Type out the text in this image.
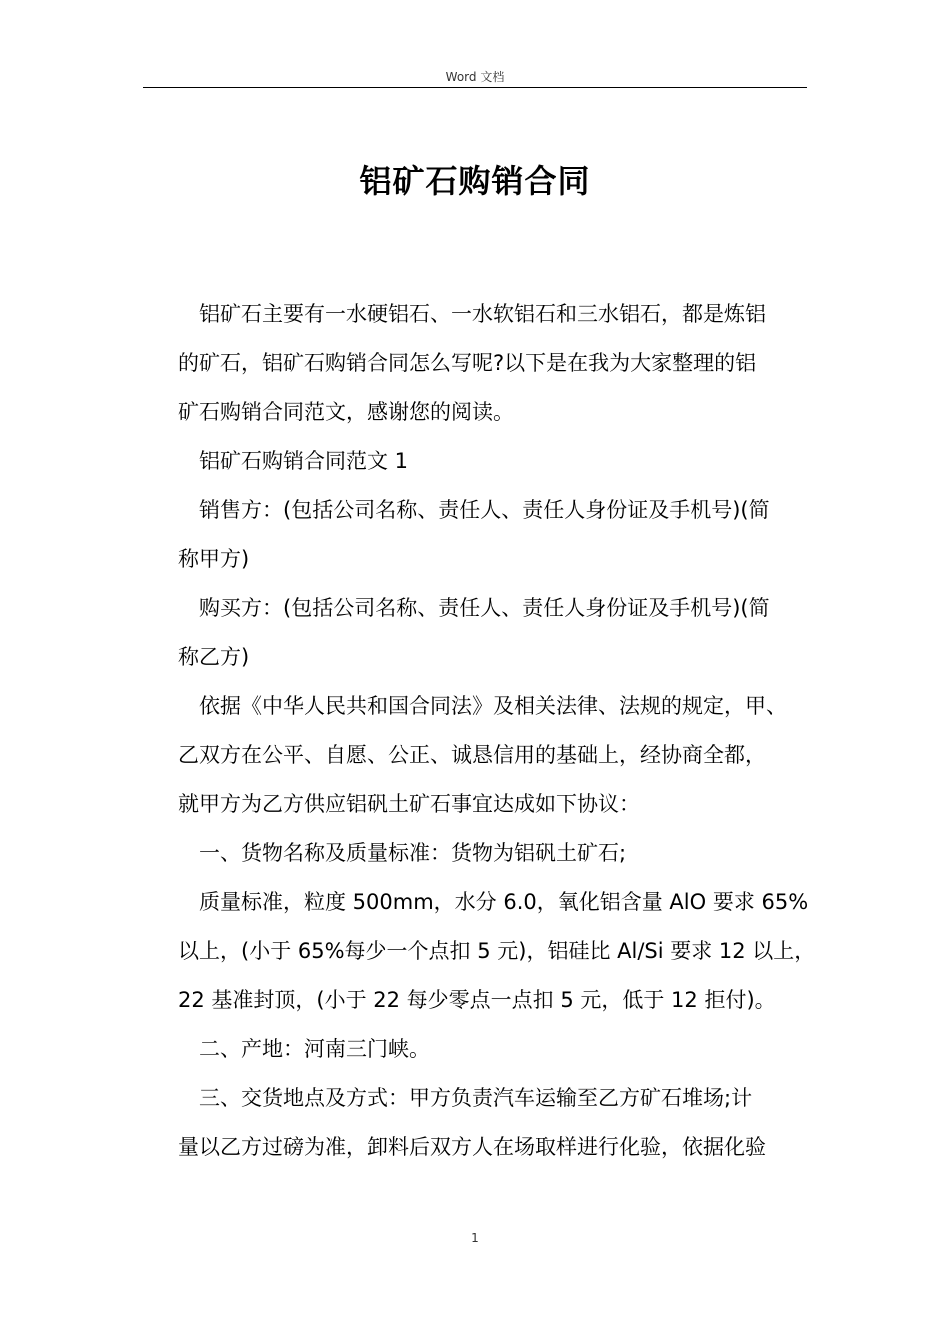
Word 文档
铝矿石购销合同

铝矿石主要有一水硬铝石、一水软铝石和三水铝石，都是炼铝
的矿石，铝矿石购销合同怎么写呢?以下是在我为大家整理的铝
矿石购销合同范文，感谢您的阅读。

铝矿石购销合同范文 1

销售方：(包括公司名称、责任人、责任人身份证及手机号)(简
称甲方)

购买方：(包括公司名称、责任人、责任人身份证及手机号)(简
称乙方)

依据《中华人民共和国合同法》及相关法律、法规的规定，甲、
乙双方在公平、自愿、公正、诚恳信用的基础上，经协商全都，
就甲方为乙方供应铝矾土矿石事宜达成如下协议：

一、货物名称及质量标准：货物为铝矾土矿石;

质量标准，粒度 500mm，水分 6.0，氧化铝含量 AlO 要求 65%
以上，(小于 65%每少一个点扣 5 元)，铝硅比 Al/Si 要求 12 以上，
22 基准封顶，(小于 22 每少零点一点扣 5 元，低于 12 拒付)。

二、产地：河南三门峡。

三、交货地点及方式：甲方负责汽车运输至乙方矿石堆场;计
量以乙方过磅为准，卸料后双方人在场取样进行化验，依据化验

1
